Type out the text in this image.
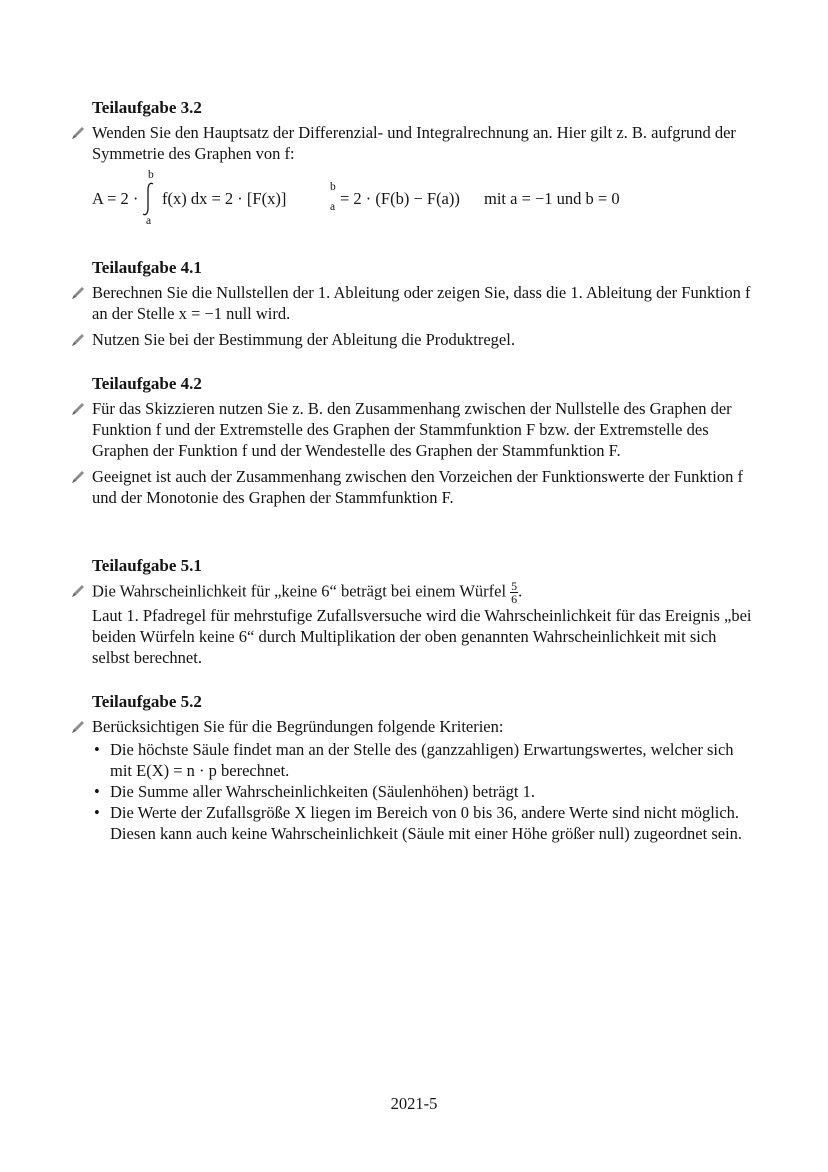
Teilaufgabe 3.2
Wenden Sie den Hauptsatz der Differenzial- und Integralrechnung an. Hier gilt z. B. aufgrund der Symmetrie des Graphen von f:
A = 2 ·
b
a
f(x) dx = 2 · [F(x)]
b
a = 2 · (F(b) − F(a)) mit a = −1 und b = 0
Teilaufgabe 4.1
Berechnen Sie die Nullstellen der 1. Ableitung oder zeigen Sie, dass die 1. Ableitung der Funktion f an der Stelle x = −1 null wird.
Nutzen Sie bei der Bestimmung der Ableitung die Produktregel.
Teilaufgabe 4.2
Für das Skizzieren nutzen Sie z. B. den Zusammenhang zwischen der Nullstelle des Graphen der Funktion f und der Extremstelle des Graphen der Stammfunktion F bzw. der Extremstelle des Graphen der Funktion f und der Wendestelle des Graphen der Stammfunktion F.
Geeignet ist auch der Zusammenhang zwischen den Vorzeichen der Funktionswerte der Funktion f und der Monotonie des Graphen der Stammfunktion F.
Teilaufgabe 5.1
Die Wahrscheinlichkeit für „keine 6“ beträgt bei einem Würfel $\frac{5}{6}$ .
Laut 1. Pfadregel für mehrstufige Zufallsversuche wird die Wahrscheinlichkeit für das Ereignis „bei beiden Würfeln keine 6“ durch Multiplikation der oben genannten Wahrscheinlichkeit mit sich selbst berechnet.
Teilaufgabe 5.2
Berücksichtigen Sie für die Begründungen folgende Kriterien:
• Die höchste Säule findet man an der Stelle des (ganzzahligen) Erwartungswertes, welcher sich mit E(X) = n · p berechnet.
• Die Summe aller Wahrscheinlichkeiten (Säulenhöhen) beträgt 1.
• Die Werte der Zufallsgröße X liegen im Bereich von 0 bis 36, andere Werte sind nicht möglich. Diesen kann auch keine Wahrscheinlichkeit (Säule mit einer Höhe größer null) zugeordnet sein.
2021-5
